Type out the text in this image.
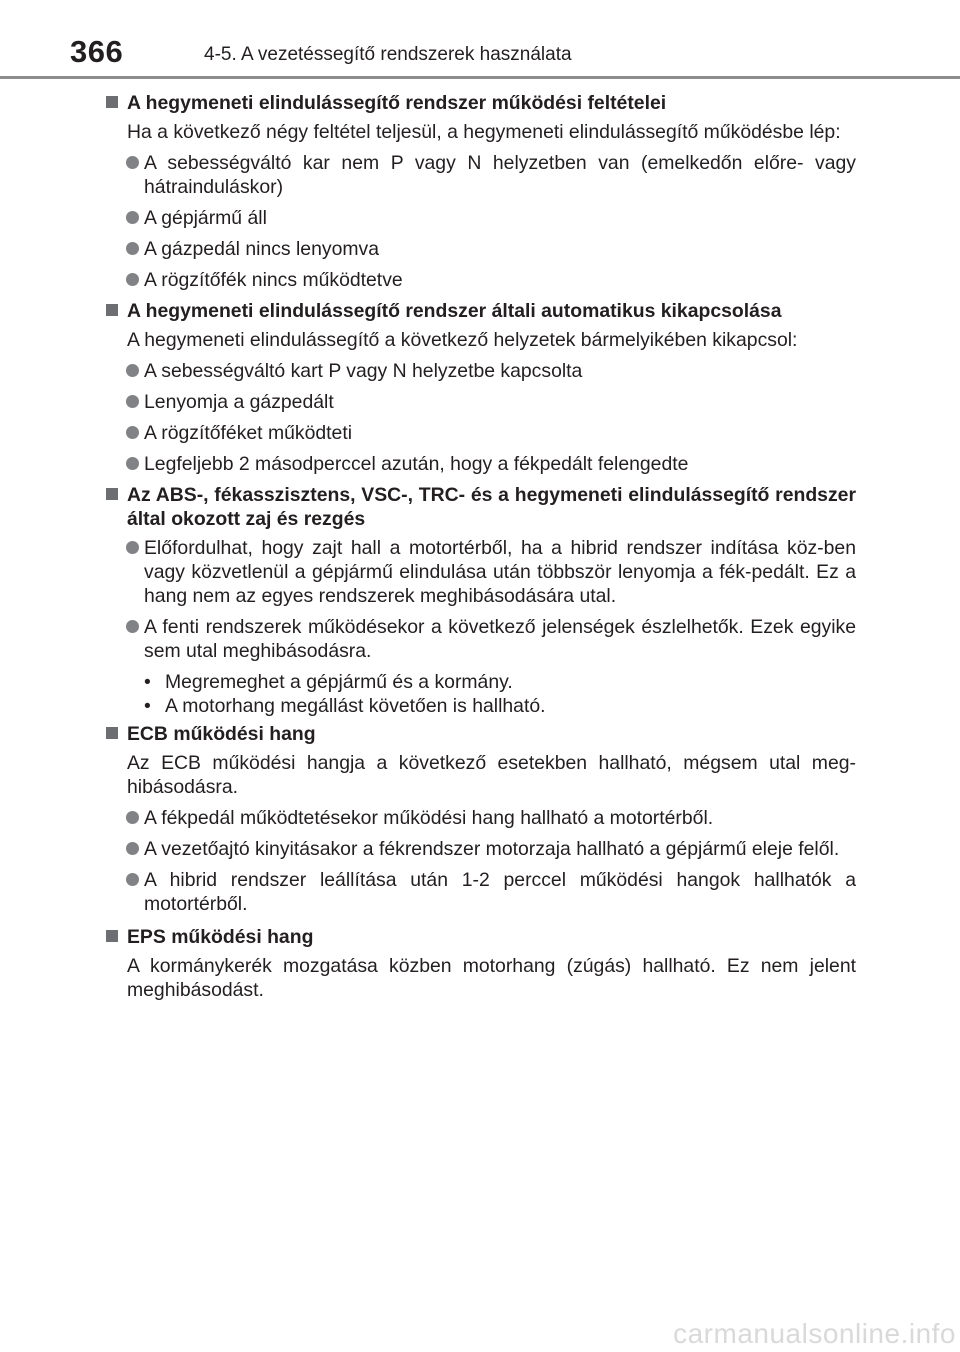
366	4-5. A vezetéssegítő rendszerek használata
A hegymeneti elindulássegítő rendszer működési feltételei
Ha a következő négy feltétel teljesül, a hegymeneti elindulássegítő működésbe lép:
A sebességváltó kar nem P vagy N helyzetben van (emelkedőn előre- vagy hátrainduláskor)
A gépjármű áll
A gázpedál nincs lenyomva
A rögzítőfék nincs működtetve
A hegymeneti elindulássegítő rendszer általi automatikus kikapcsolása
A hegymeneti elindulássegítő a következő helyzetek bármelyikében kikapcsol:
A sebességváltó kart P vagy N helyzetbe kapcsolta
Lenyomja a gázpedált
A rögzítőféket működteti
Legfeljebb 2 másodperccel azután, hogy a fékpedált felengedte
Az ABS-, fékasszisztens, VSC-, TRC- és a hegymeneti elindulássegítő rendszer által okozott zaj és rezgés
Előfordulhat, hogy zajt hall a motortérből, ha a hibrid rendszer indítása köz-ben vagy közvetlenül a gépjármű elindulása után többször lenyomja a fék-pedált. Ez a hang nem az egyes rendszerek meghibásodására utal.
A fenti rendszerek működésekor a következő jelenségek észlelhetők. Ezek egyike sem utal meghibásodásra.
• Megremeghet a gépjármű és a kormány.
• A motorhang megállást követően is hallható.
ECB működési hang
Az ECB működési hangja a következő esetekben hallható, mégsem utal meg-hibásodásra.
A fékpedál működtetésekor működési hang hallható a motortérből.
A vezetőajtó kinyitásakor a fékrendszer motorzaja hallható a gépjármű eleje felől.
A hibrid rendszer leállítása után 1-2 perccel működési hangok hallhatók a motortérből.
EPS működési hang
A kormánykerék mozgatása közben motorhang (zúgás) hallható. Ez nem jelent meghibásodást.
carmanualsonline.info
